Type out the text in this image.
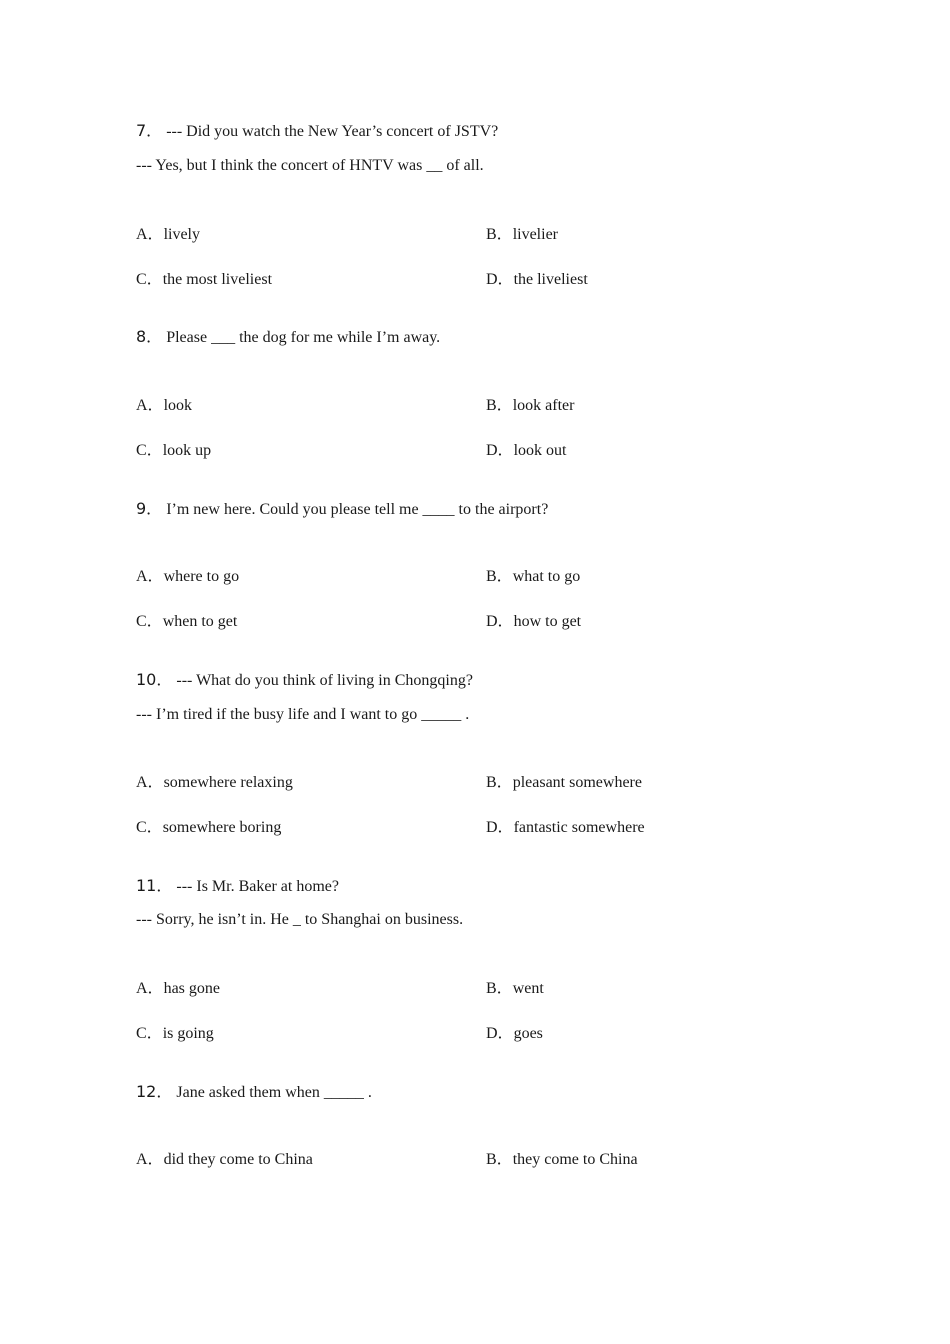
7． --- Did you watch the New Year’s concert of JSTV?
--- Yes, but I think the concert of HNTV was __ of all.
A．lively	B．livelier
C．the most liveliest	D．the liveliest
8． Please ___ the dog for me while I’m away.
A．look	B．look after
C．look up	D．look out
9． I’m new here. Could you please tell me ____ to the airport?
A．where to go	B．what to go
C．when to get	D．how to get
10． --- What do you think of living in Chongqing?
--- I’m tired if the busy life and I want to go _____ .
A．somewhere relaxing	B．pleasant somewhere
C．somewhere boring	D．fantastic somewhere
11． --- Is Mr. Baker at home?
--- Sorry, he isn’t in. He _ to Shanghai on business.
A．has gone	B．went
C．is going	D．goes
12． Jane asked them when _____ .
A．did they come to China	B．they come to China
